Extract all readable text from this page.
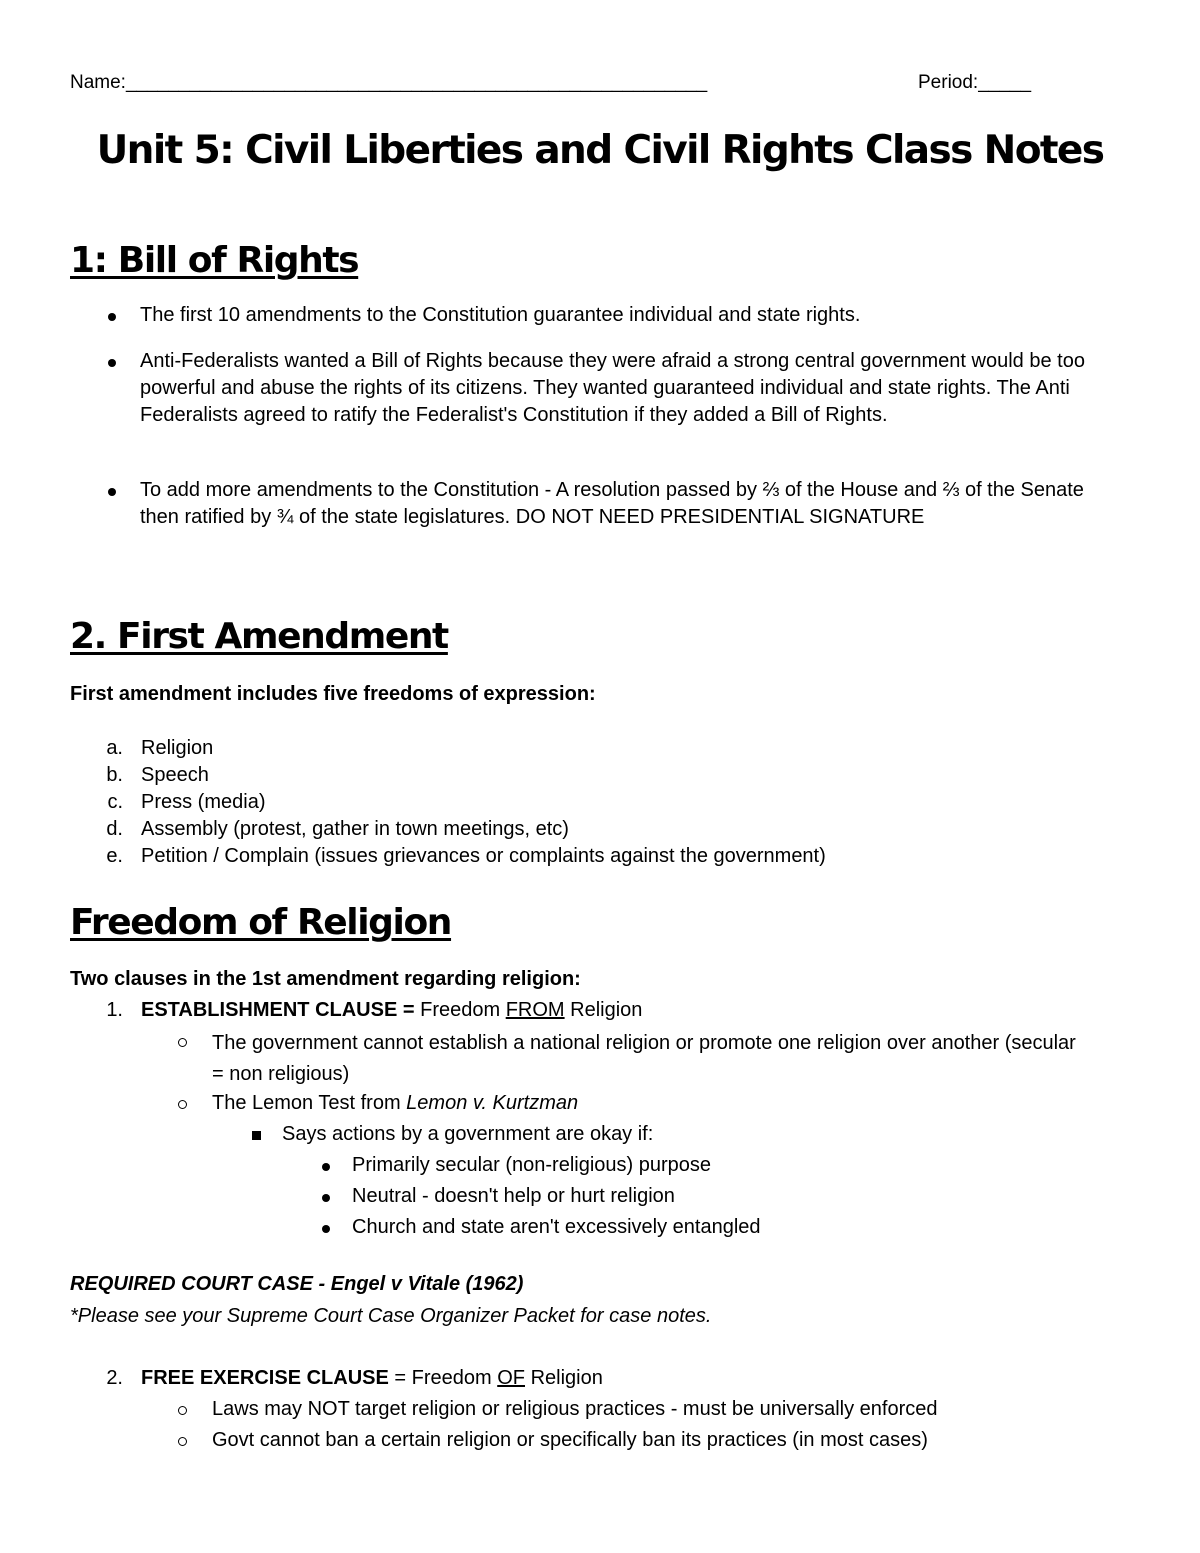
Name:_______________________________________________________	Period:_____
Unit 5: Civil Liberties and Civil Rights Class Notes
1: Bill of Rights
The first 10 amendments to the Constitution guarantee individual and state rights.
Anti-Federalists wanted a Bill of Rights because they were afraid a strong central government would be too powerful and abuse the rights of its citizens. They wanted guaranteed individual and state rights. The Anti Federalists agreed to ratify the Federalist's Constitution if they added a Bill of Rights.
To add more amendments to the Constitution - A resolution passed by ⅔ of the House and ⅔ of the Senate then ratified by ¾ of the state legislatures. DO NOT NEED PRESIDENTIAL SIGNATURE
2. First Amendment
First amendment includes five freedoms of expression:
a. Religion
b. Speech
c. Press (media)
d. Assembly (protest, gather in town meetings, etc)
e. Petition / Complain (issues grievances or complaints against the government)
Freedom of Religion
Two clauses in the 1st amendment regarding religion:
1. ESTABLISHMENT CLAUSE = Freedom FROM Religion
The government cannot establish a national religion or promote one religion over another (secular = non religious)
The Lemon Test from Lemon v. Kurtzman
Says actions by a government are okay if:
Primarily secular (non-religious) purpose
Neutral - doesn't help or hurt religion
Church and state aren't excessively entangled
REQUIRED COURT CASE - Engel v Vitale (1962)
*Please see your Supreme Court Case Organizer Packet for case notes.
2. FREE EXERCISE CLAUSE = Freedom OF Religion
Laws may NOT target religion or religious practices - must be universally enforced
Govt cannot ban a certain religion or specifically ban its practices (in most cases)
